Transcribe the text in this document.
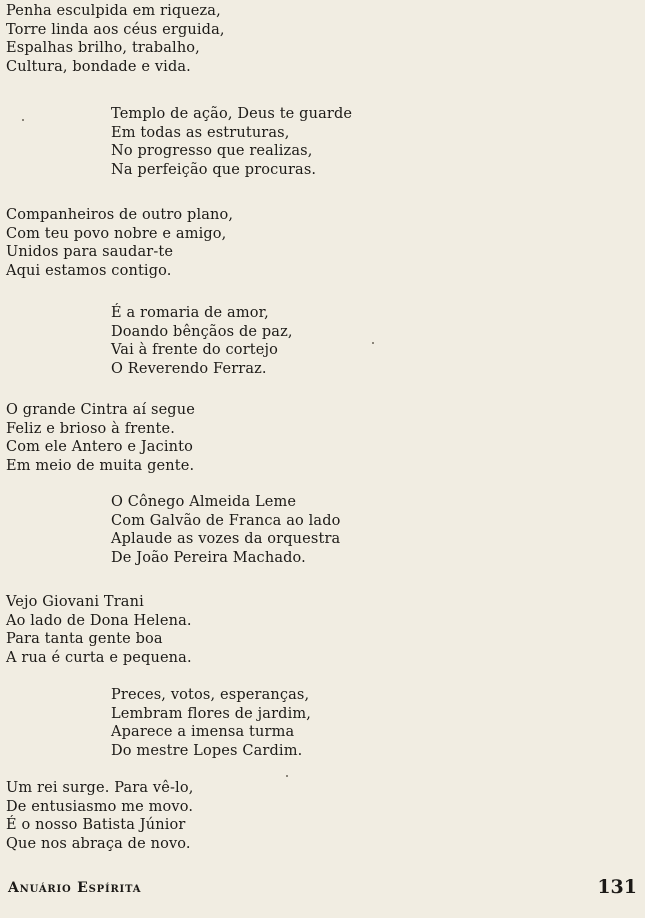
Penha esculpida em riqueza,
Torre linda aos céus erguida,
Espalhas brilho, trabalho,
Cultura, bondade e vida.
Templo de ação, Deus te guarde
Em todas as estruturas,
No progresso que realizas,
Na perfeição que procuras.
Companheiros de outro plano,
Com teu povo nobre e amigo,
Unidos para saudar-te
Aqui estamos contigo.
É a romaria de amor,
Doando bênçãos de paz,
Vai à frente do cortejo
O Reverendo Ferraz.
O grande Cintra aí segue
Feliz e brioso à frente.
Com ele Antero e Jacinto
Em meio de muita gente.
O Cônego Almeida Leme
Com Galvão de Franca ao lado
Aplaude as vozes da orquestra
De João Pereira Machado.
Vejo Giovani Trani
Ao lado de Dona Helena.
Para tanta gente boa
A rua é curta e pequena.
Preces, votos, esperanças,
Lembram flores de jardim,
Aparece a imensa turma
Do mestre Lopes Cardim.
Um rei surge. Para vê-lo,
De entusiasmo me movo.
É o nosso Batista Júnior
Que nos abraça de novo.
Anuário Espírita	131
